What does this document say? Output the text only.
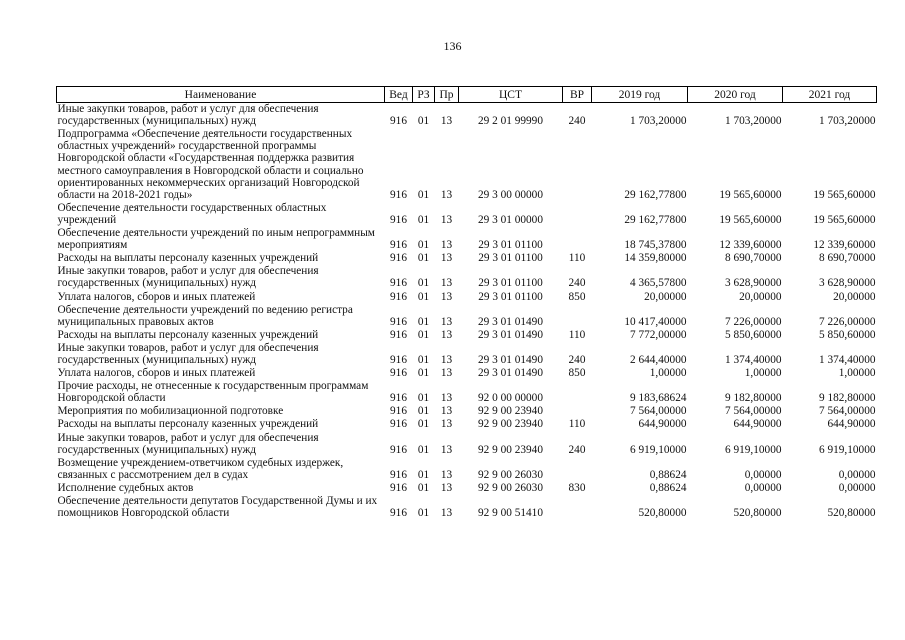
136
Наименование	Вед	РЗ	Пр	ЦСТ	ВР	2019 год	2020 год	2021 год
Иные закупки товаров, работ и услуг для обеспечения государственных (муниципальных) нужд	916	01	13	29 2 01 99990	240	1 703,20000	1 703,20000	1 703,20000
Подпрограмма «Обеспечение деятельности государственных областных учреждений» государственной программы Новгородской области «Государственная поддержка развития местного самоуправления в Новгородской области и социально ориентированных некоммерческих организаций Новгородской области на 2018-2021 годы»	916	01	13	29 3 00 00000		29 162,77800	19 565,60000	19 565,60000
Обеспечение деятельности государственных областных учреждений	916	01	13	29 3 01 00000		29 162,77800	19 565,60000	19 565,60000
Обеспечение деятельности учреждений по иным непрограммным мероприятиям	916	01	13	29 3 01 01100		18 745,37800	12 339,60000	12 339,60000
Расходы на выплаты персоналу казенных учреждений	916	01	13	29 3 01 01100	110	14 359,80000	8 690,70000	8 690,70000
Иные закупки товаров, работ и услуг для обеспечения государственных (муниципальных) нужд	916	01	13	29 3 01 01100	240	4 365,57800	3 628,90000	3 628,90000
Уплата налогов, сборов и иных платежей	916	01	13	29 3 01 01100	850	20,00000	20,00000	20,00000
Обеспечение деятельности учреждений по ведению регистра муниципальных правовых актов	916	01	13	29 3 01 01490		10 417,40000	7 226,00000	7 226,00000
Расходы на выплаты персоналу казенных учреждений	916	01	13	29 3 01 01490	110	7 772,00000	5 850,60000	5 850,60000
Иные закупки товаров, работ и услуг для обеспечения государственных (муниципальных) нужд	916	01	13	29 3 01 01490	240	2 644,40000	1 374,40000	1 374,40000
Уплата налогов, сборов и иных платежей	916	01	13	29 3 01 01490	850	1,00000	1,00000	1,00000
Прочие расходы, не отнесенные к государственным программам Новгородской области	916	01	13	92 0 00 00000		9 183,68624	9 182,80000	9 182,80000
Мероприятия по мобилизационной подготовке	916	01	13	92 9 00 23940		7 564,00000	7 564,00000	7 564,00000
Расходы на выплаты персоналу казенных учреждений	916	01	13	92 9 00 23940	110	644,90000	644,90000	644,90000
Иные закупки товаров, работ и услуг для обеспечения государственных (муниципальных) нужд	916	01	13	92 9 00 23940	240	6 919,10000	6 919,10000	6 919,10000
Возмещение учреждением-ответчиком судебных издержек, связанных с рассмотрением дел в судах	916	01	13	92 9 00 26030		0,88624	0,00000	0,00000
Исполнение судебных актов	916	01	13	92 9 00 26030	830	0,88624	0,00000	0,00000
Обеспечение деятельности депутатов Государственной Думы и их помощников Новгородской области	916	01	13	92 9 00 51410		520,80000	520,80000	520,80000
